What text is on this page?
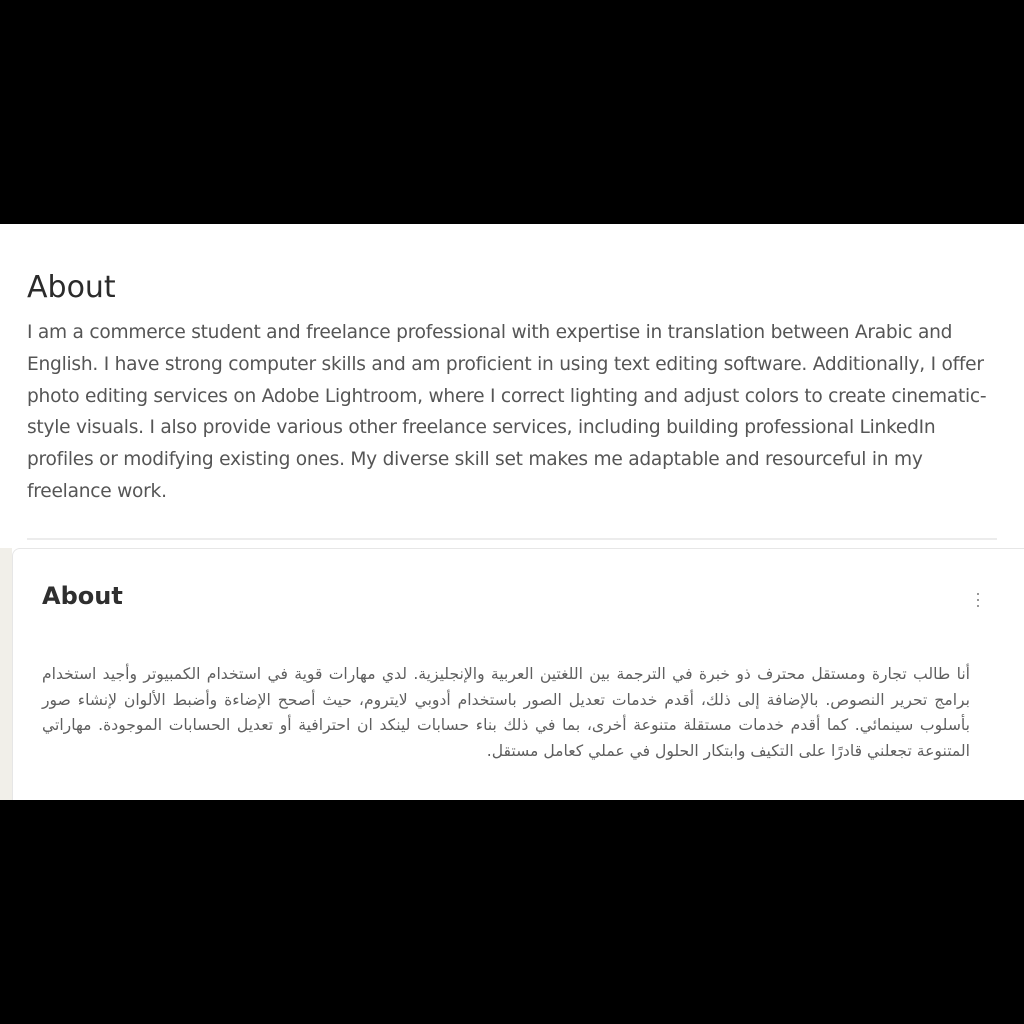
About

I am a commerce student and freelance professional with expertise in translation between Arabic and English. I have strong computer skills and am proficient in using text editing software. Additionally, I offer photo editing services on Adobe Lightroom, where I correct lighting and adjust colors to create cinematic-style visuals. I also provide various other freelance services, including building professional LinkedIn profiles or modifying existing ones. My diverse skill set makes me adaptable and resourceful in my freelance work.

About

أنا طالب تجارة ومستقل محترف ذو خبرة في الترجمة بين اللغتين العربية والإنجليزية. لدي مهارات قوية في استخدام الكمبيوتر وأجيد استخدام برامج تحرير النصوص. بالإضافة إلى ذلك، أقدم خدمات تعديل الصور باستخدام أدوبي لايتروم، حيث أصحح الإضاءة وأضبط الألوان لإنشاء صور بأسلوب سينمائي. كما أقدم خدمات مستقلة متنوعة أخرى، بما في ذلك بناء حسابات لينكد ان احترافية أو تعديل الحسابات الموجودة. مهاراتي المتنوعة تجعلني قادرًا على التكيف وابتكار الحلول في عملي كعامل مستقل.
